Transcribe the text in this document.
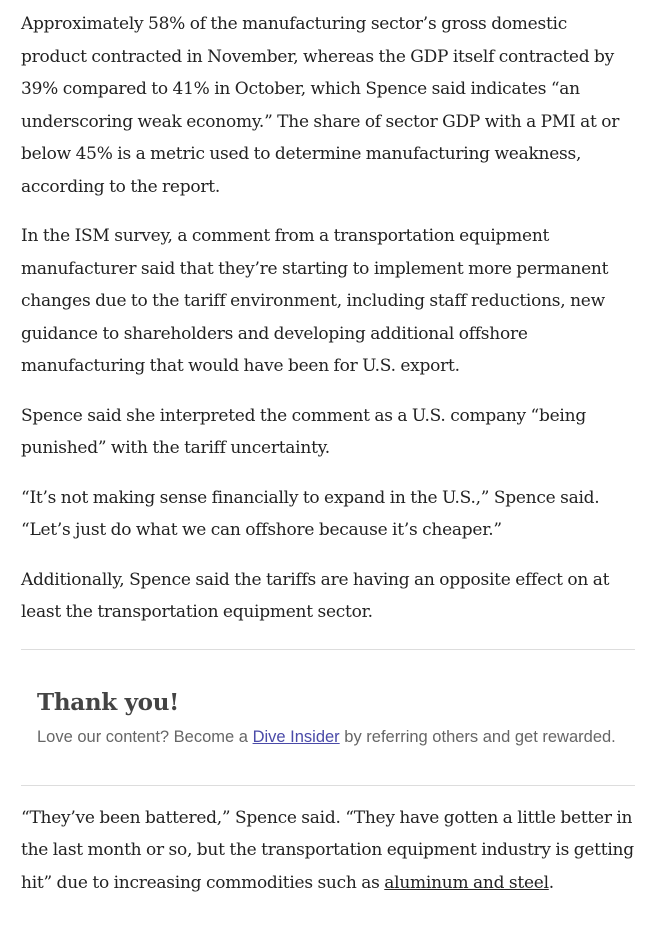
Approximately 58% of the manufacturing sector’s gross domestic product contracted in November, whereas the GDP itself contracted by 39% compared to 41% in October, which Spence said indicates “an underscoring weak economy.” The share of sector GDP with a PMI at or below 45% is a metric used to determine manufacturing weakness, according to the report.

In the ISM survey, a comment from a transportation equipment manufacturer said that they’re starting to implement more permanent changes due to the tariff environment, including staff reductions, new guidance to shareholders and developing additional offshore manufacturing that would have been for U.S. export.

Spence said she interpreted the comment as a U.S. company “being punished” with the tariff uncertainty.

“It’s not making sense financially to expand in the U.S.,” Spence said. “Let’s just do what we can offshore because it’s cheaper.”

Additionally, Spence said the tariffs are having an opposite effect on at least the transportation equipment sector.

Thank you!

Love our content? Become a Dive Insider by referring others and get rewarded.

“They’ve been battered,” Spence said. “They have gotten a little better in the last month or so, but the transportation equipment industry is getting hit” due to increasing commodities such as aluminum and steel.
